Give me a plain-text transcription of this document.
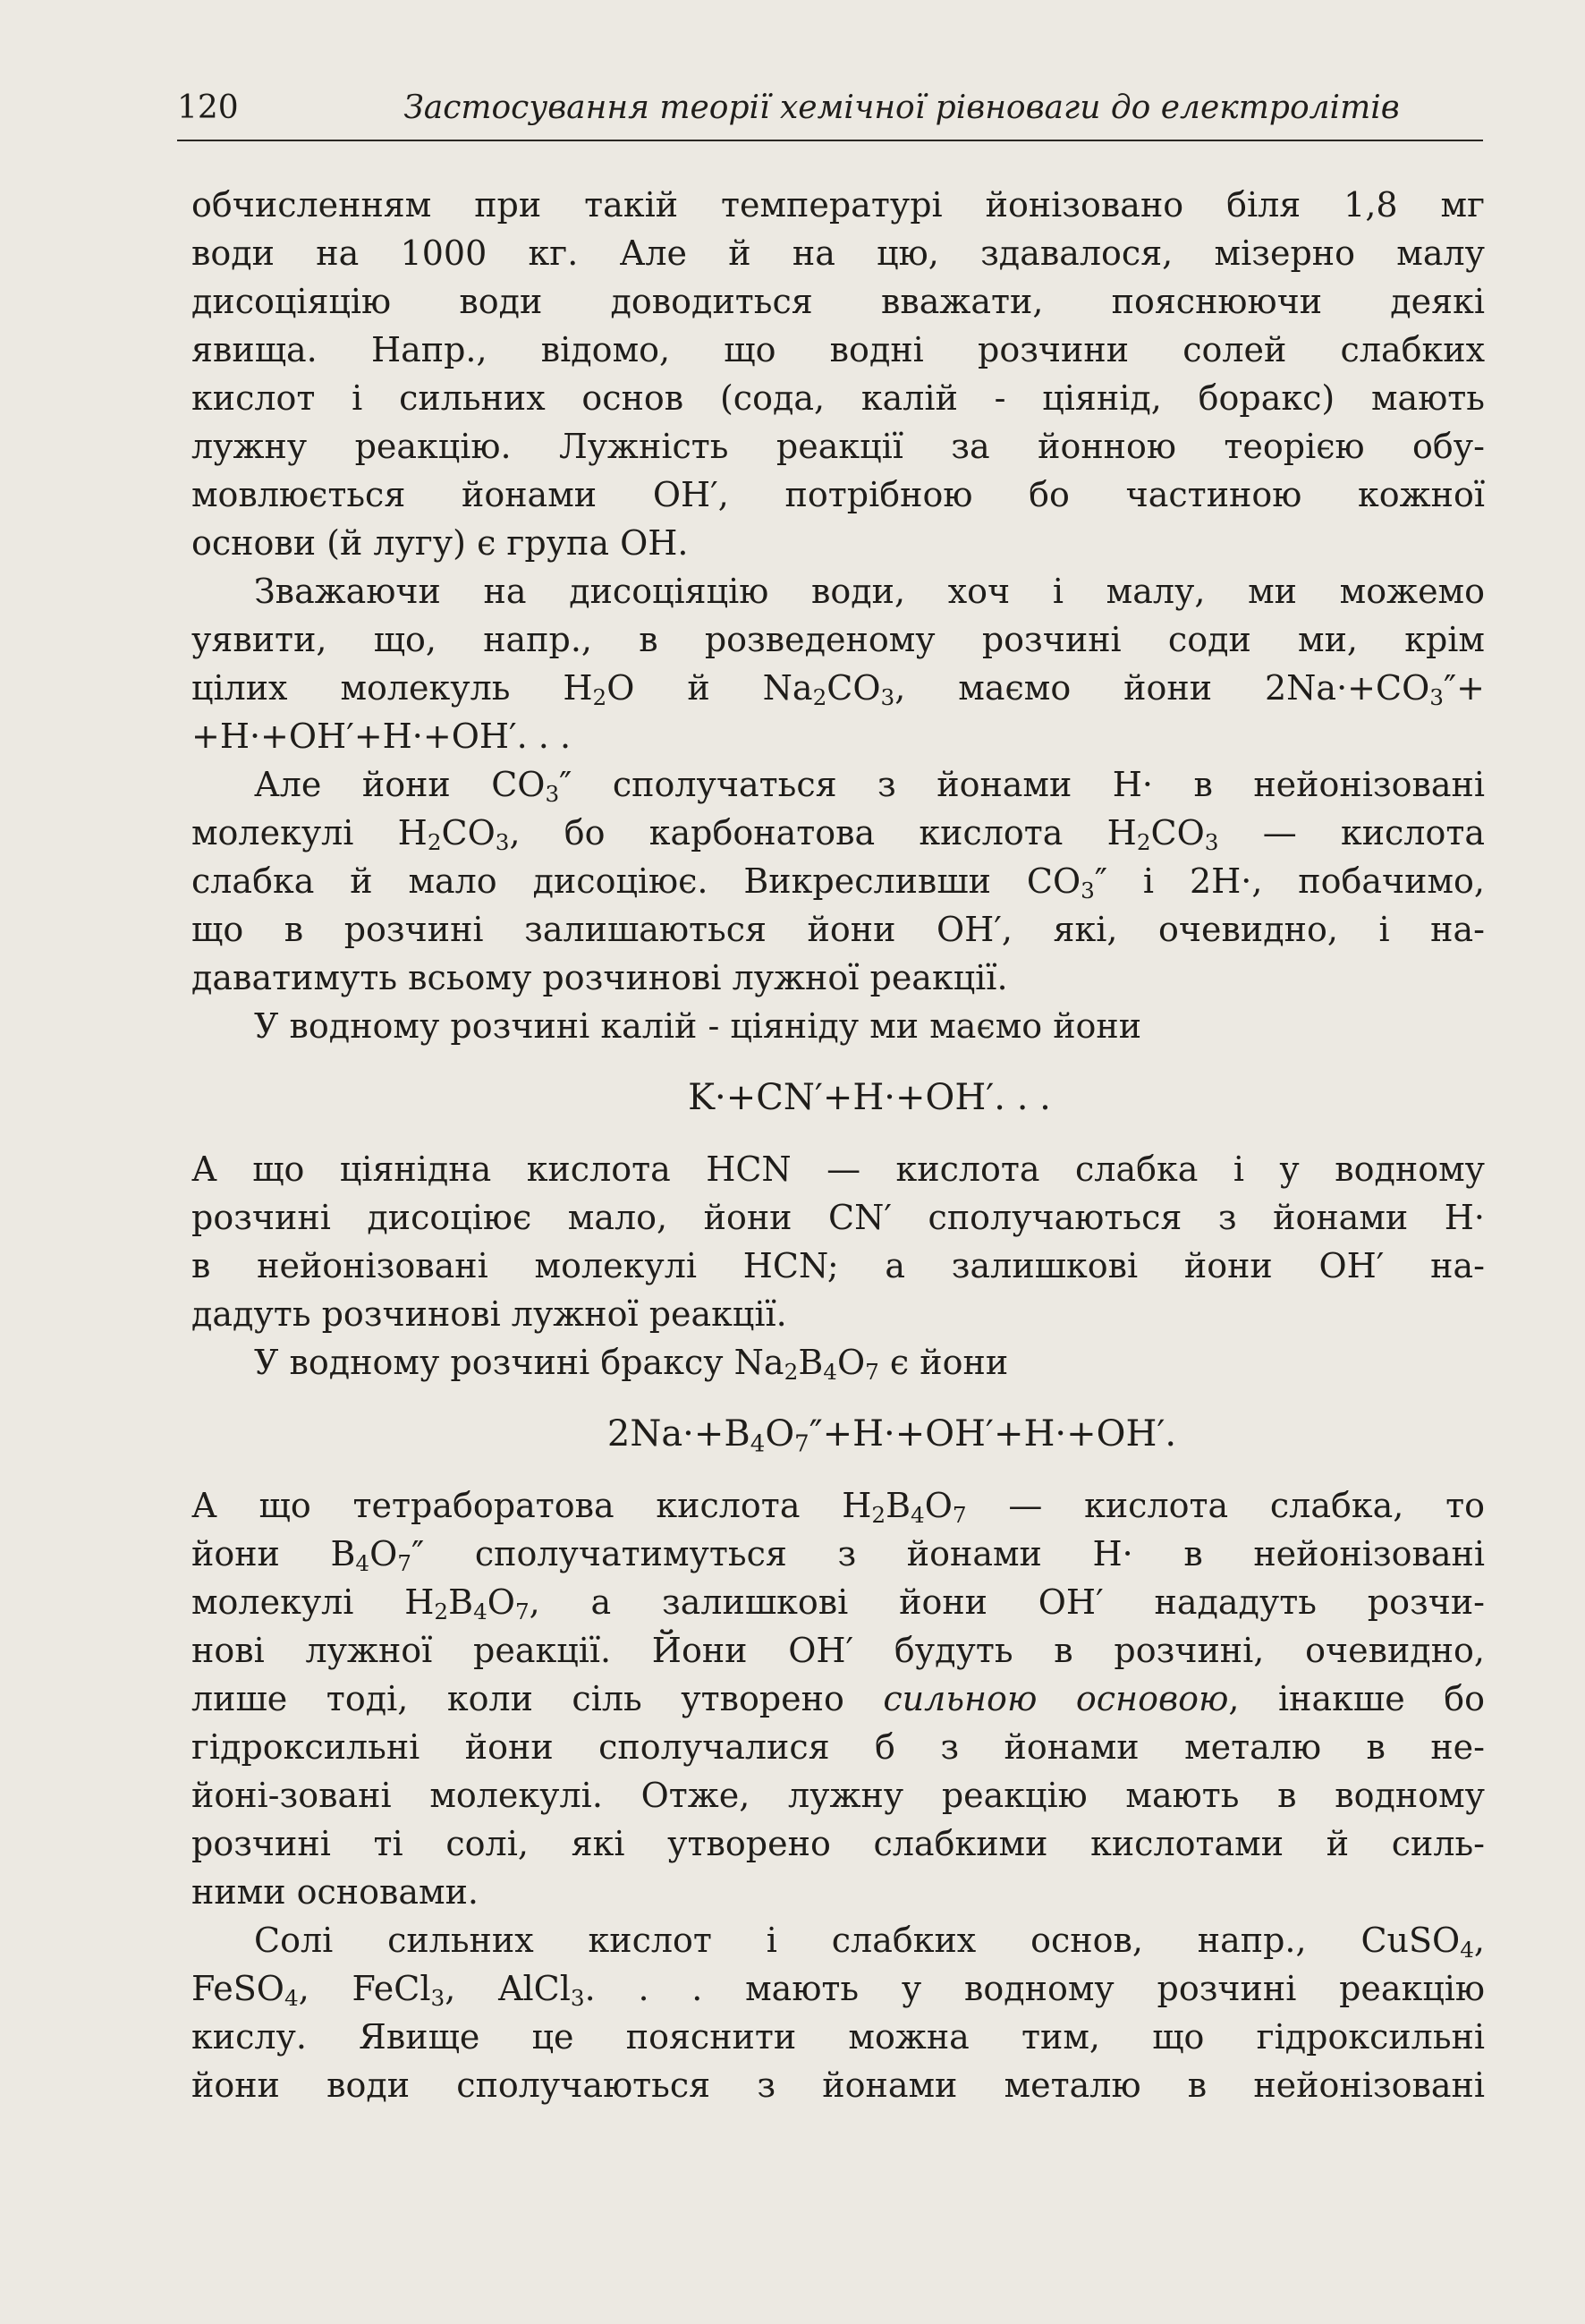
120	Застосування теорії хемічної рівноваги до електролітів

обчисленням при такій температурі йонізовано біля 1,8 мг
води на 1000 кг. Але й на цю, здавалося, мізерно малу
дисоціяцію води доводиться вважати, пояснюючи деякі
явища. Напр., відомо, що водні розчини солей слабких
кислот і сильних основ (сода, калій - ціянід, боракс) мають
лужну реакцію. Лужність реакції за йонною теорією обу-
мовлюється йонами OH′, потрібною бо частиною кожної

основи (й лугу) є група OH.

Зважаючи на дисоціяцію води, хоч і малу, ми можемо
уявити, що, напр., в розведеному розчині соди ми, крім
цілих молекуль $H_2O$ й $Na_2CO_3$, маємо йони $2Na\cdot+CO_3''+$

+H·+OH′+H·+OH′. . .

Але йони $CO_3''$ сполучаться з йонами H· в нейонізовані
молекулі $H_2CO_3$, бо карбонатова кислота $H_2CO_3$ — кислота
слабка й мало дисоціює. Викресливши $CO_3''$ і 2H·, побачимо,
що в розчині залишаються йони OH′, які, очевидно, і на-

даватимуть всьому розчинові лужної реакції.

У водному розчині калій - ціяніду ми маємо йони

K·+CN′+H·+OH′. . .

А що ціянідна кислота HCN — кислота слабка і у водному
розчині дисоціює мало, йони CN′ сполучаються з йонами H·
в нейонізовані молекулі HCN; а залишкові йони OH′ на-

дадуть розчинові лужної реакції.

У водному розчині браксу $Na_2B_4O_7$ є йони

$2Na\cdot+B_4O_7''+H\cdot+OH'+H\cdot+OH'$.

А що тетраборатова кислота $H_2B_4O_7$ — кислота слабка, то
йони $B_4O_7''$ сполучатимуться з йонами H· в нейонізовані
молекулі $H_2B_4O_7$, а залишкові йони OH′ нададуть розчи-
нові лужної реакції. Йони OH′ будуть в розчині, очевидно,
лише тоді, коли сіль утворено сильною основою, інакше бо
гідроксильні йони сполучалися б з йонами металю в не-
йоні-зовані молекулі. Отже, лужну реакцію мають в водному
розчині ті солі, які утворено слабкими кислотами й силь-

ними основами.

Солі сильних кислот і слабких основ, напр., CuSO$_4$,
FeSO$_4$, FeCl$_3$, AlCl$_3$. . . мають у водному розчині реакцію
кислу. Явище це пояснити можна тим, що гідроксильні
йони води сполучаються з йонами металю в нейонізовані
